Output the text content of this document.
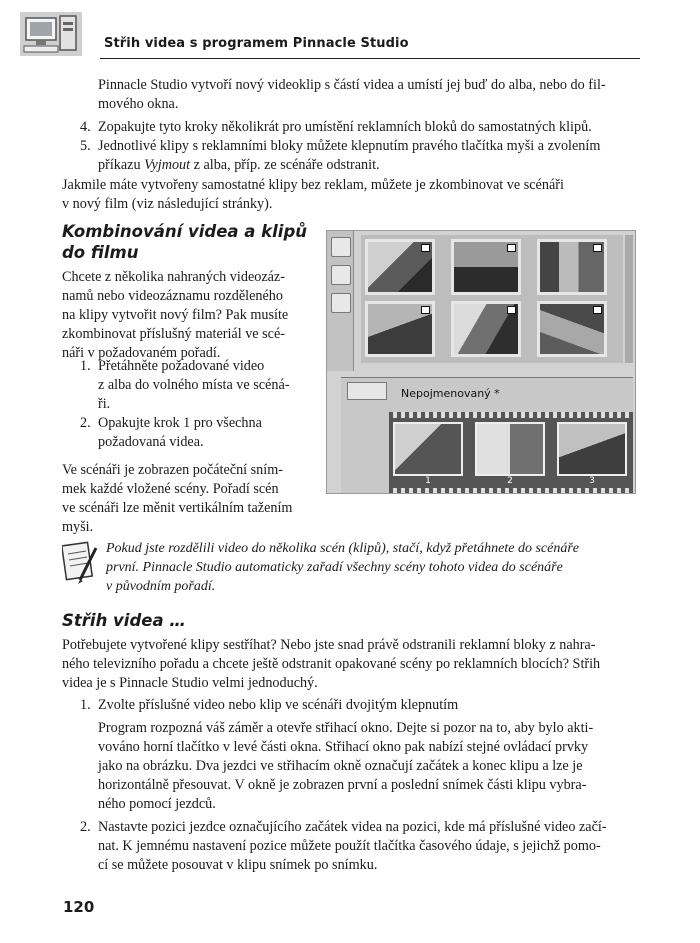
Střih videa s programem Pinnacle Studio

Pinnacle Studio vytvoří nový videoklip s částí videa a umístí jej buď do alba, nebo do fil-

mového okna.

4. Zopakujte tyto kroky několikrát pro umístění reklamních bloků do samostatných klipů.

5. Jednotlivé klipy s reklamními bloky můžete klepnutím pravého tlačítka myši a zvolením

příkazu Vyjmout z alba, příp. ze scénáře odstranit.

Jakmile máte vytvořeny samostatné klipy bez reklam, můžete je zkombinovat ve scénáři

v nový film (viz následující stránky).

Kombinování videa a klipů
do filmu

Chcete z několika nahraných videozáz-

namů nebo videozáznamu rozděleného

na klipy vytvořit nový film? Pak musíte

zkombinovat příslušný materiál ve scé-

náři v požadovaném pořadí.

1. Přetáhněte požadované video

z alba do volného místa ve scéná-

ři.

2. Opakujte krok 1 pro všechna

požadovaná videa.

Ve scénáři je zobrazen počáteční sním-

mek každé vložené scény. Pořadí scén

ve scénáři lze měnit vertikálním tažením

myši.

Nepojmenovaný *
1	2	3

Pokud jste rozdělili video do několika scén (klipů), stačí, když přetáhnete do scénáře

první. Pinnacle Studio automaticky zařadí všechny scény tohoto videa do scénáře

v původním pořadí.

Střih videa …

Potřebujete vytvořené klipy sestříhat? Nebo jste snad právě odstranili reklamní bloky z nahra-

ného televizního pořadu a chcete ještě odstranit opakované scény po reklamních blocích? Střih

videa je s Pinnacle Studio velmi jednoduchý.

1. Zvolte příslušné video nebo klip ve scénáři dvojitým klepnutím

Program rozpozná váš záměr a otevře střihací okno. Dejte si pozor na to, aby bylo akti-

vováno horní tlačítko v levé části okna. Střihací okno pak nabízí stejné ovládací prvky

jako na obrázku. Dva jezdci ve střihacím okně označují začátek a konec klipu a lze je

horizontálně přesouvat. V okně je zobrazen první a poslední snímek části klipu vybra-

ného pomocí jezdců.

2. Nastavte pozici jezdce označujícího začátek videa na pozici, kde má příslušné video začí-

nat. K jemnému nastavení pozice můžete použít tlačítka časového údaje, s jejichž pomo-

cí se můžete posouvat v klipu snímek po snímku.

120
